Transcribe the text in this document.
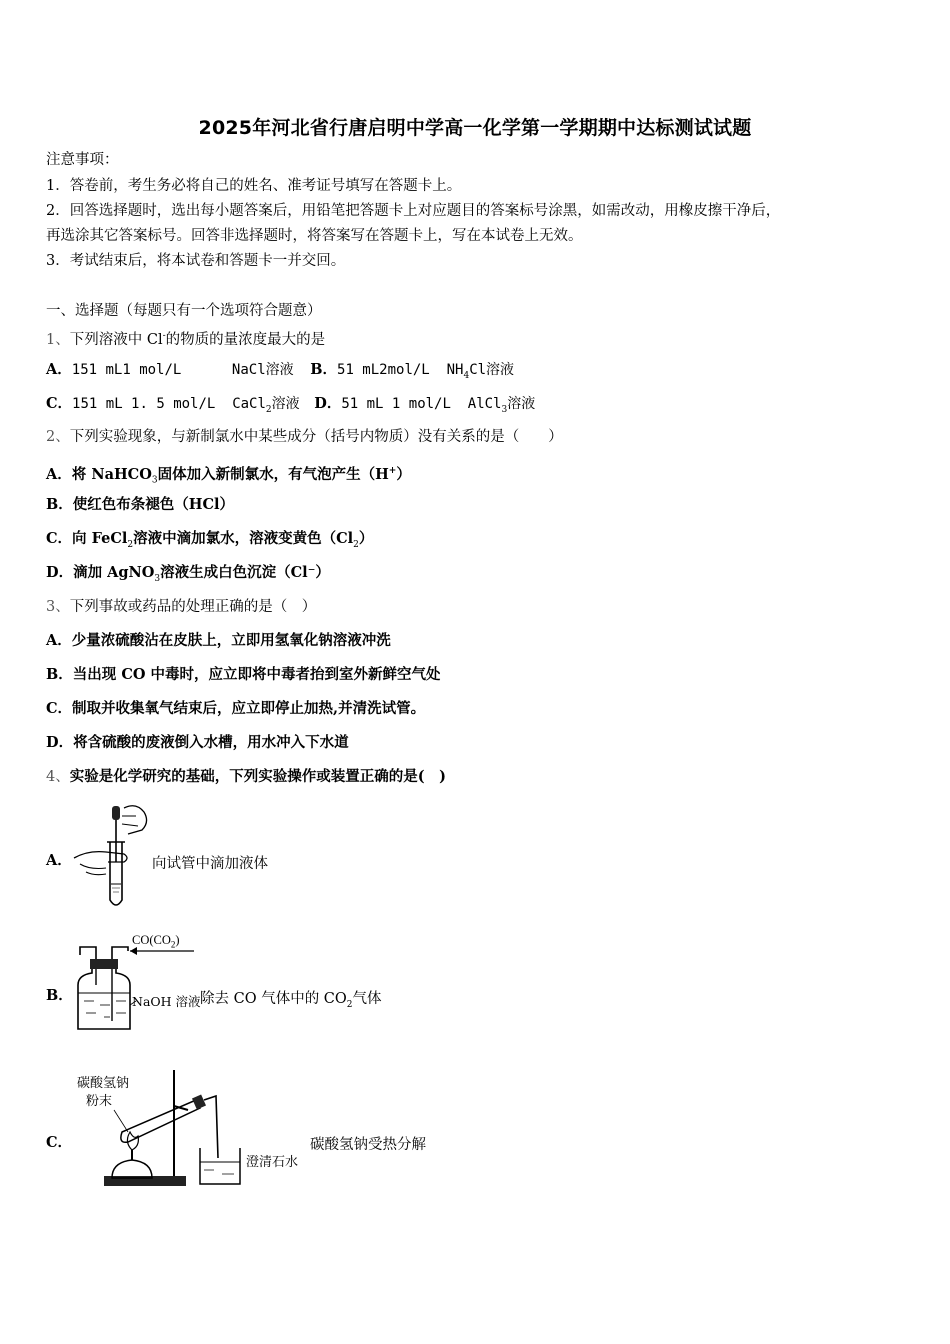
2025年河北省行唐启明中学高一化学第一学期期中达标测试试题
注意事项：
1．答卷前，考生务必将自己的姓名、准考证号填写在答题卡上。
2．回答选择题时，选出每小题答案后，用铅笔把答题卡上对应题目的答案标号涂黑，如需改动，用橡皮擦干净后，
再选涂其它答案标号。回答非选择题时，将答案写在答题卡上，写在本试卷上无效。
3．考试结束后，将本试卷和答题卡一并交回。
一、选择题（每题只有一个选项符合题意）
1、下列溶液中 Cl-的物质的量浓度最大的是
A．151 mL1 mol/L      NaCl溶液 B．51 mL2mol/L  $NH_4Cl$溶液
C．151 mL 1. 5 mol/L  CaCl$_2$溶液 D．51 mL 1 mol/L  AlCl$_3$溶液
2、下列实验现象，与新制氯水中某些成分（括号内物质）没有关系的是（　　）
A．将 NaHCO$_3$固体加入新制氯水，有气泡产生（H+）
B．使红色布条褪色（HCl）
C．向 FeCl$_2$溶液中滴加氯水，溶液变黄色$(Cl_2)$
D．滴加 AgNO$_3$溶液生成白色沉淀（Cl⁻）
3、下列事故或药品的处理正确的是（　）
A．少量浓硫酸沾在皮肤上，立即用氢氧化钠溶液冲洗
B．当出现 CO 中毒时，应立即将中毒者抬到室外新鲜空气处
C．制取并收集氧气结束后，应立即停止加热,并清洗试管。
D．将含硫酸的废液倒入水槽，用水冲入下水道
4、实验是化学研究的基础，下列实验操作或装置正确的是(　)
A．	向试管中滴加液体
B．
$CO(CO_2)$
NaOH 溶液 除去 CO 气体中的 $CO_2$气体
C．
碳酸氢钠
粉末
澄清石水
碳酸氢钠受热分解
